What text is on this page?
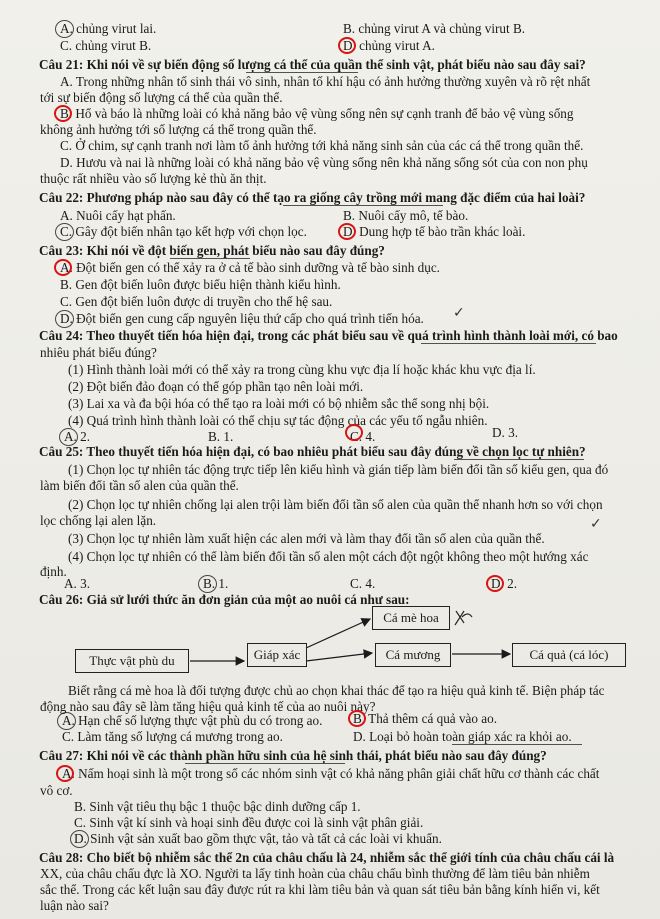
A. chủng virut lai.	B. chủng virut A và chủng virut B.
C. chủng virut B.	D. chủng virut A.
Câu 21: Khi nói về sự biến động số lượng cá thể của quần thể sinh vật, phát biểu nào sau đây sai?
A. Trong những nhân tố sinh thái vô sinh, nhân tố khí hậu có ảnh hưởng thường xuyên và rõ rệt nhất
tới sự biến động số lượng cá thể của quần thể.
B. Hổ và báo là những loài có khả năng bảo vệ vùng sống nên sự cạnh tranh để bảo vệ vùng sống
không ảnh hưởng tới số lượng cá thể trong quần thể.
C. Ở chim, sự cạnh tranh nơi làm tổ ảnh hưởng tới khả năng sinh sản của các cá thể trong quần thể.
D. Hươu và nai là những loài có khả năng bảo vệ vùng sống nên khả năng sống sót của con non phụ
thuộc rất nhiều vào số lượng kẻ thù ăn thịt.
Câu 22: Phương pháp nào sau đây có thể tạo ra giống cây trồng mới mang đặc điểm của hai loài?
A. Nuôi cấy hạt phấn.	B. Nuôi cấy mô, tế bào.
C. Gây đột biến nhân tạo kết hợp với chọn lọc.	D. Dung hợp tế bào trần khác loài.
Câu 23: Khi nói về đột biến gen, phát biểu nào sau đây đúng?
A. Đột biến gen có thể xảy ra ở cả tế bào sinh dưỡng và tế bào sinh dục.
B. Gen đột biến luôn được biểu hiện thành kiểu hình.
C. Gen đột biến luôn được di truyền cho thế hệ sau.
D. Đột biến gen cung cấp nguyên liệu thứ cấp cho quá trình tiến hóa. ✓
Câu 24: Theo thuyết tiến hóa hiện đại, trong các phát biểu sau về quá trình hình thành loài mới, có bao
nhiêu phát biểu đúng?
(1) Hình thành loài mới có thể xảy ra trong cùng khu vực địa lí hoặc khác khu vực địa lí.
(2) Đột biến đảo đoạn có thể góp phần tạo nên loài mới.
(3) Lai xa và đa bội hóa có thể tạo ra loài mới có bộ nhiễm sắc thể song nhị bội.
(4) Quá trình hình thành loài có thể chịu sự tác động của các yếu tố ngẫu nhiên.
A. 2.	B. 1.	C. 4.	D. 3.
Câu 25: Theo thuyết tiến hóa hiện đại, có bao nhiêu phát biểu sau đây đúng về chọn lọc tự nhiên?
(1) Chọn lọc tự nhiên tác động trực tiếp lên kiểu hình và gián tiếp làm biến đổi tần số kiểu gen, qua đó
làm biến đổi tần số alen của quần thể.
(2) Chọn lọc tự nhiên chống lại alen trội làm biến đổi tần số alen của quần thể nhanh hơn so với chọn
lọc chống lại alen lặn.
(3) Chọn lọc tự nhiên làm xuất hiện các alen mới và làm thay đổi tần số alen của quần thể.
✓
(4) Chọn lọc tự nhiên có thể làm biến đổi tần số alen một cách đột ngột không theo một hướng xác
định.
A. 3.	B. 1.	C. 4.	D. 2.
Câu 26: Giả sử lưới thức ăn đơn giản của một ao nuôi cá như sau:
Thực vật phù du	Giáp xác
Cá mè hoa
Cá mương	Cá quả (cá lóc)
Biết rằng cá mè hoa là đối tượng được chủ ao chọn khai thác để tạo ra hiệu quả kinh tế. Biện pháp tác
động nào sau đây sẽ làm tăng hiệu quả kinh tế của ao nuôi này?
A. Hạn chế số lượng thực vật phù du có trong ao. B. Thả thêm cá quả vào ao.
C. Làm tăng số lượng cá mương trong ao.	D. Loại bỏ hoàn toàn giáp xác ra khỏi ao.
Câu 27: Khi nói về các thành phần hữu sinh của hệ sinh thái, phát biểu nào sau đây đúng?
A. Nấm hoại sinh là một trong số các nhóm sinh vật có khả năng phân giải chất hữu cơ thành các chất
vô cơ.
B. Sinh vật tiêu thụ bậc 1 thuộc bậc dinh dưỡng cấp 1.
C. Sinh vật kí sinh và hoại sinh đều được coi là sinh vật phân giải.
D. Sinh vật sản xuất bao gồm thực vật, tảo và tất cả các loài vi khuẩn.
Câu 28: Cho biết bộ nhiễm sắc thể 2n của châu chấu là 24, nhiễm sắc thể giới tính của châu chấu cái là
XX, của châu chấu đực là XO. Người ta lấy tinh hoàn của châu chấu bình thường để làm tiêu bản nhiễm
sắc thể. Trong các kết luận sau đây được rút ra khi làm tiêu bản và quan sát tiêu bản bằng kính hiển vi, kết
luận nào sai?
